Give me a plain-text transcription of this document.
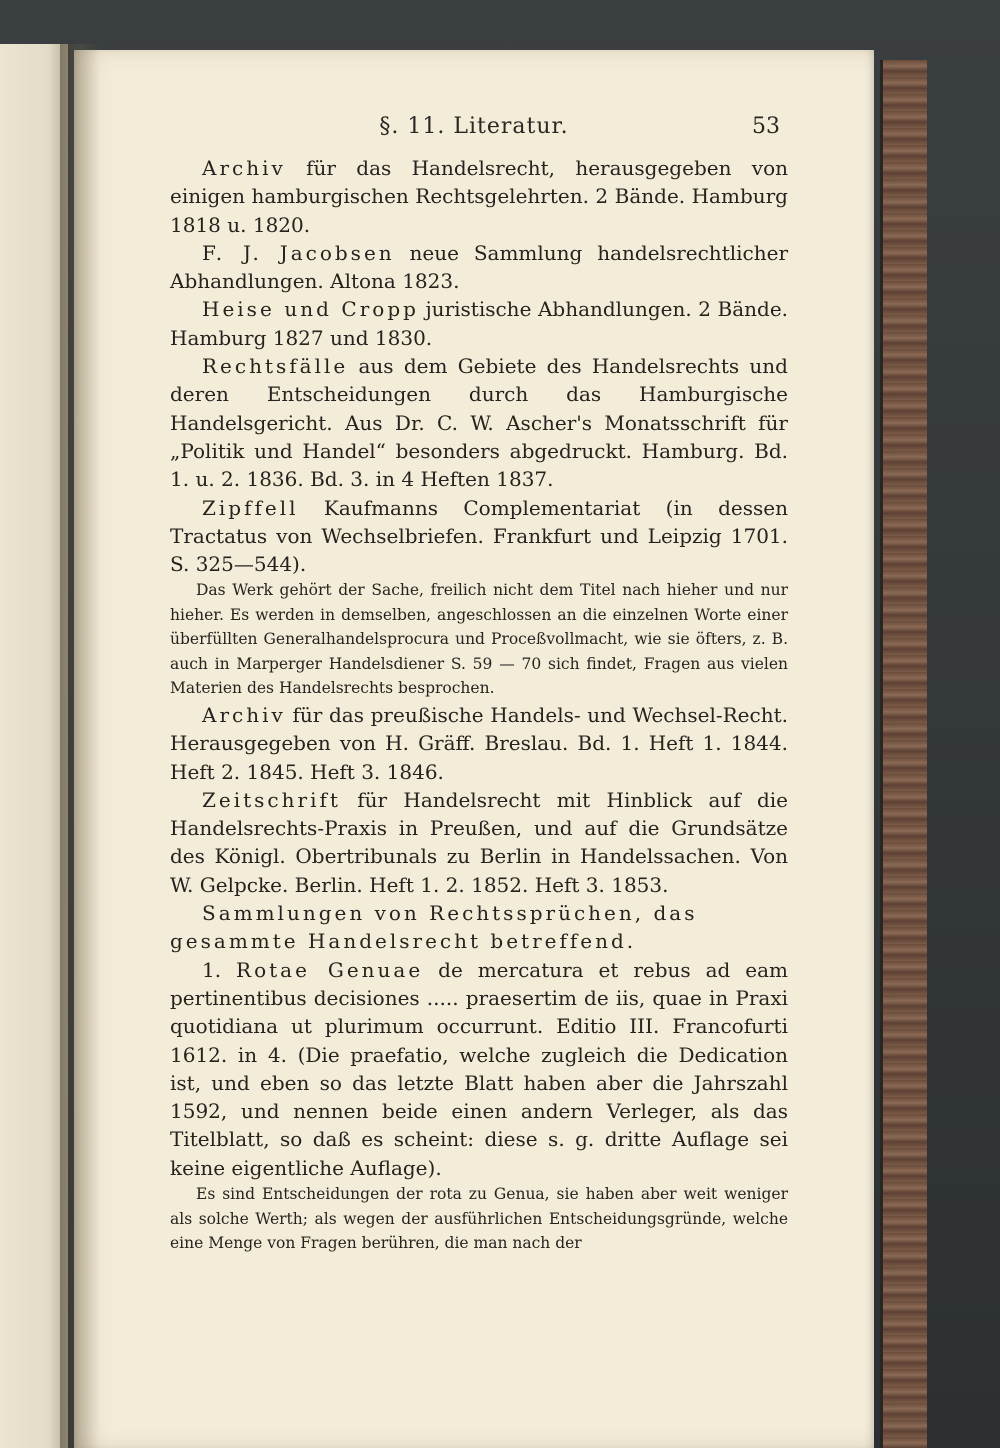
§. 11. Literatur.	53

Archiv für das Handelsrecht, herausgegeben von einigen hamburgischen Rechtsgelehrten. 2 Bände. Hamburg 1818 u. 1820.

F. J. Jacobsen neue Sammlung handelsrechtlicher Abhandlungen. Altona 1823.

Heise und Cropp juristische Abhandlungen. 2 Bände. Hamburg 1827 und 1830.

Rechtsfälle aus dem Gebiete des Handelsrechts und deren Entscheidungen durch das Hamburgische Handelsgericht. Aus Dr. C. W. Ascher's Monatsschrift für „Politik und Handel“ besonders abgedruckt. Hamburg. Bd. 1. u. 2. 1836. Bd. 3. in 4 Heften 1837.

Zipffell Kaufmanns Complementariat (in dessen Tractatus von Wechselbriefen. Frankfurt und Leipzig 1701. S. 325—544).

Das Werk gehört der Sache, freilich nicht dem Titel nach hieher und nur hieher. Es werden in demselben, angeschlossen an die einzelnen Worte einer überfüllten Generalhandelsprocura und Proceßvollmacht, wie sie öfters, z. B. auch in Marperger Handelsdiener S. 59 — 70 sich findet, Fragen aus vielen Materien des Handelsrechts besprochen.

Archiv für das preußische Handels- und Wechsel-Recht. Herausgegeben von H. Gräff. Breslau. Bd. 1. Heft 1. 1844. Heft 2. 1845. Heft 3. 1846.

Zeitschrift für Handelsrecht mit Hinblick auf die Handelsrechts-Praxis in Preußen, und auf die Grundsätze des Königl. Obertribunals zu Berlin in Handelssachen. Von W. Gelpcke. Berlin. Heft 1. 2. 1852. Heft 3. 1853.

Sammlungen von Rechtssprüchen, das gesammte Handelsrecht betreffend.

1. Rotae Genuae de mercatura et rebus ad eam pertinentibus decisiones ..... praesertim de iis, quae in Praxi quotidiana ut plurimum occurrunt. Editio III. Francofurti 1612. in 4. (Die praefatio, welche zugleich die Dedication ist, und eben so das letzte Blatt haben aber die Jahrszahl 1592, und nennen beide einen andern Verleger, als das Titelblatt, so daß es scheint: diese s. g. dritte Auflage sei keine eigentliche Auflage).

Es sind Entscheidungen der rota zu Genua, sie haben aber weit weniger als solche Werth; als wegen der ausführlichen Entscheidungsgründe, welche eine Menge von Fragen berühren, die man nach der
